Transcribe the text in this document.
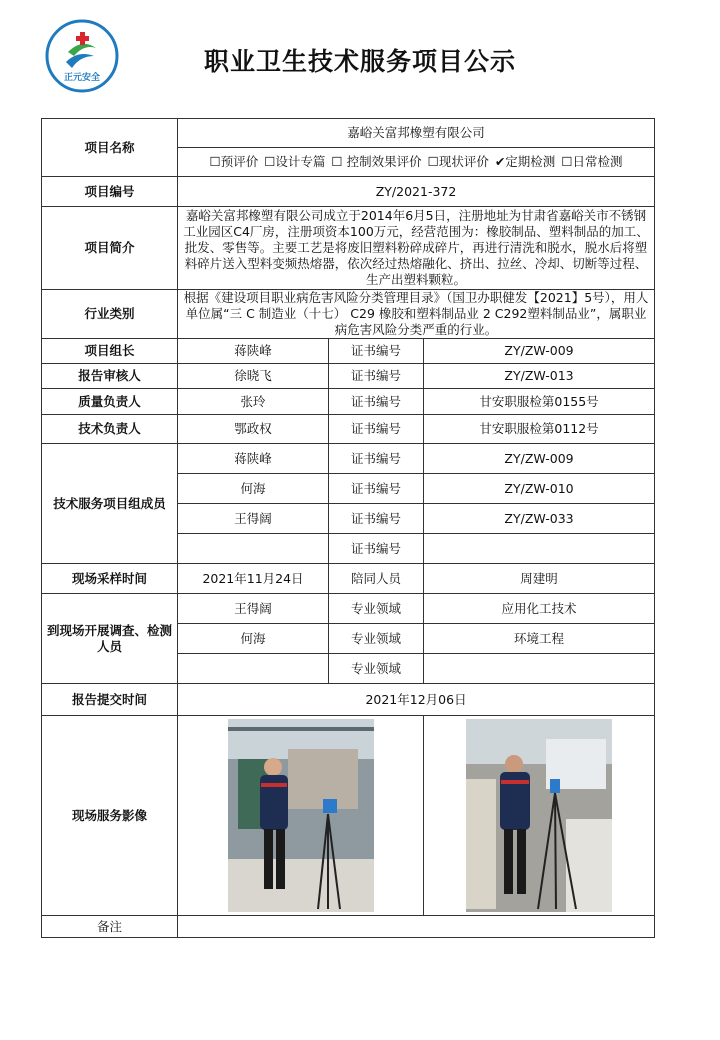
正元安全
职业卫生技术服务项目公示
项目名称	嘉峪关富邦橡塑有限公司		
	☐预评价 ☐设计专篇 ☐ 控制效果评价 ☐现状评价 ✔定期检测 ☐日常检测		
项目编号	ZY/2021-372		
项目简介	嘉峪关富邦橡塑有限公司成立于2014年6月5日，注册地址为甘肃省嘉峪关市不锈钢工业园区C4厂房，注册项资本100万元，经营范围为：橡胶制品、塑料制品的加工、批发、零售等。主要工艺是将废旧塑料粉碎成碎片，再进行清洗和脱水，脱水后将塑料碎片送入型料变频热熔器，依次经过热熔融化、挤出、拉丝、冷却、切断等过程、生产出塑料颗粒。		
行业类别	根据《建设项目职业病危害风险分类管理目录》（国卫办职健发【2021】5号），用人单位属“三 C 制造业（十七） C29 橡胶和塑料制品业 2 C292塑料制品业”，属职业病危害风险分类严重的行业。		
项目组长	蒋陕峰	证书编号	ZY/ZW-009
报告审核人	徐晓飞	证书编号	ZY/ZW-013
质量负责人	张玲	证书编号	甘安职服检第0155号
技术负责人	鄂政权	证书编号	甘安职服检第0112号
技术服务项目组成员	蒋陕峰	证书编号	ZY/ZW-009
	何海	证书编号	ZY/ZW-010
	王得阔	证书编号	ZY/ZW-033
		证书编号	
现场采样时间	2021年11月24日	陪同人员	周建明
到现场开展调查、检测人员	王得阔	专业领域	应用化工技术
	何海	专业领域	环境工程
		专业领域	
报告提交时间	2021年12月06日		
现场服务影像		
备注			
